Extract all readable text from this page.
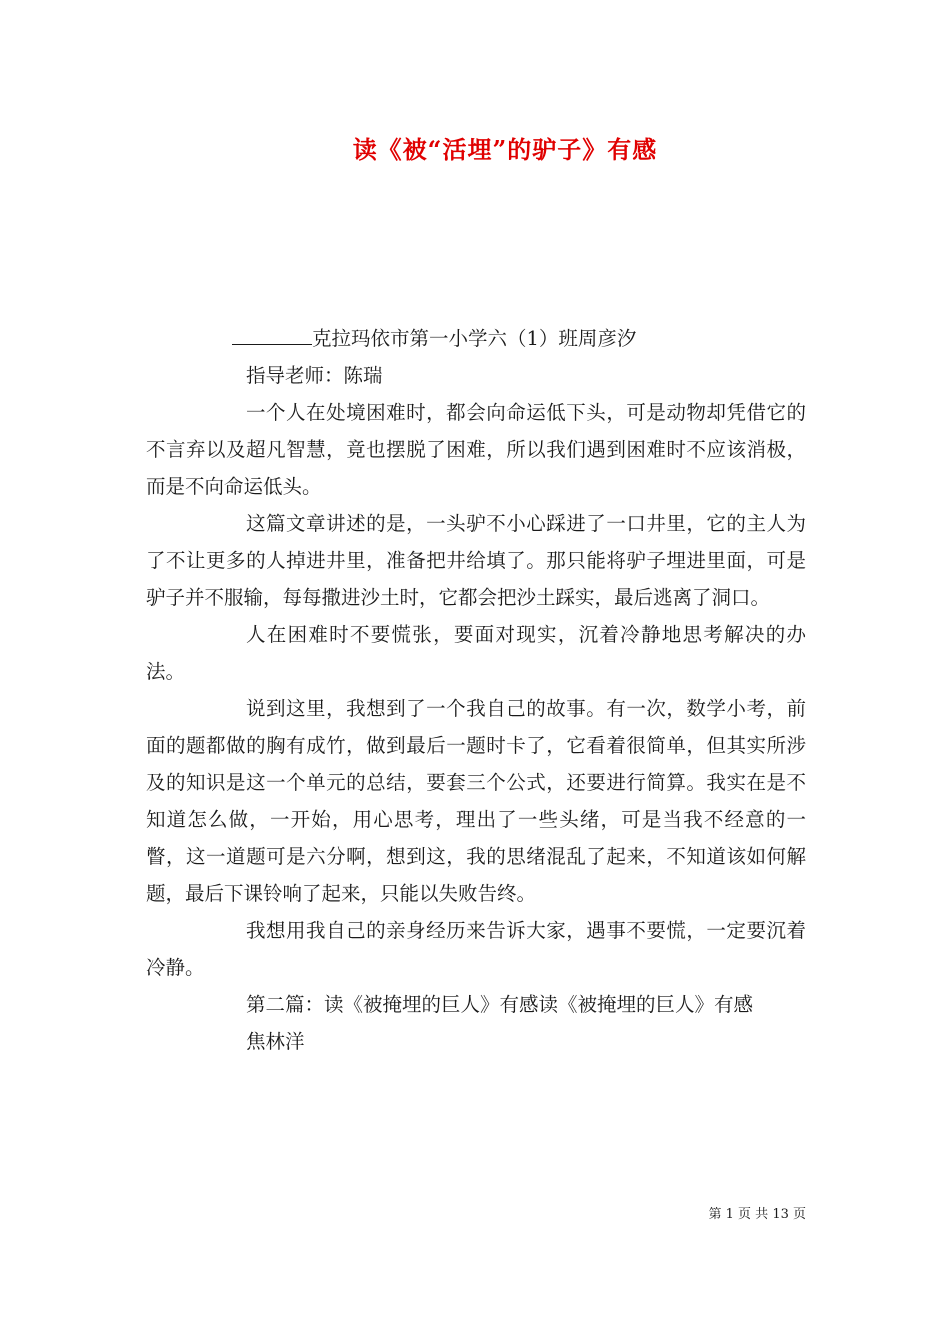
读《被“活埋”的驴子》有感

克拉玛依市第一小学六（1）班周彦汐

指导老师：陈瑞

一个人在处境困难时，都会向命运低下头，可是动物却凭借它的不言弃以及超凡智慧，竟也摆脱了困难，所以我们遇到困难时不应该消极，而是不向命运低头。

这篇文章讲述的是，一头驴不小心踩进了一口井里，它的主人为了不让更多的人掉进井里，准备把井给填了。那只能将驴子埋进里面，可是驴子并不服输，每每撒进沙土时，它都会把沙土踩实，最后逃离了洞口。

人在困难时不要慌张，要面对现实，沉着冷静地思考解决的办法。

说到这里，我想到了一个我自己的故事。有一次，数学小考，前面的题都做的胸有成竹，做到最后一题时卡了，它看着很简单，但其实所涉及的知识是这一个单元的总结，要套三个公式，还要进行简算。我实在是不知道怎么做，一开始，用心思考，理出了一些头绪，可是当我不经意的一瞥，这一道题可是六分啊，想到这，我的思绪混乱了起来，不知道该如何解题，最后下课铃响了起来，只能以失败告终。

我想用我自己的亲身经历来告诉大家，遇事不要慌，一定要沉着冷静。

第二篇：读《被掩埋的巨人》有感读《被掩埋的巨人》有感

焦林洋

第 1 页 共 13 页
